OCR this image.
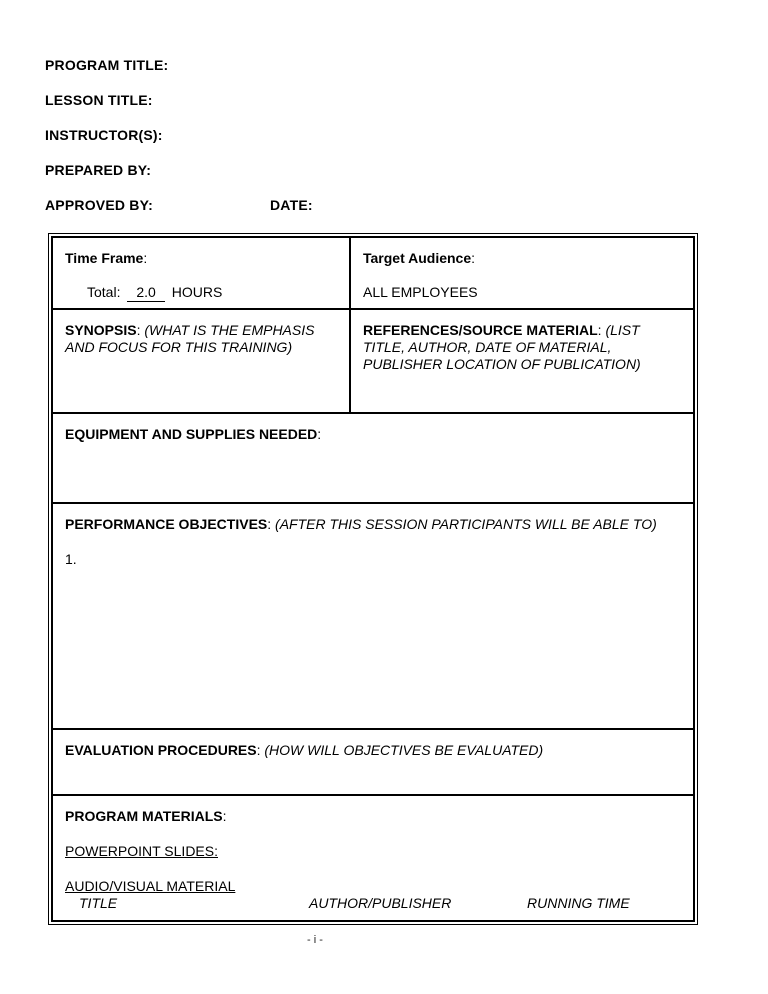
PROGRAM TITLE:

LESSON TITLE:

INSTRUCTOR(S):

PREPARED BY:

APPROVED BY:	DATE:

Time Frame:
Total: 2.0 HOURS

Target Audience:
ALL EMPLOYEES

SYNOPSIS: (WHAT IS THE EMPHASIS AND FOCUS FOR THIS TRAINING)	REFERENCES/SOURCE MATERIAL: (LIST TITLE, AUTHOR, DATE OF MATERIAL, PUBLISHER LOCATION OF PUBLICATION)

EQUIPMENT AND SUPPLIES NEEDED:	

PERFORMANCE OBJECTIVES: (AFTER THIS SESSION PARTICIPANTS WILL BE ABLE TO)
1.	

EVALUATION PROCEDURES: (HOW WILL OBJECTIVES BE EVALUATED)	

PROGRAM MATERIALS:
POWERPOINT SLIDES:
AUDIO/VISUAL MATERIAL
TITLE	AUTHOR/PUBLISHER	RUNNING TIME
- i -
